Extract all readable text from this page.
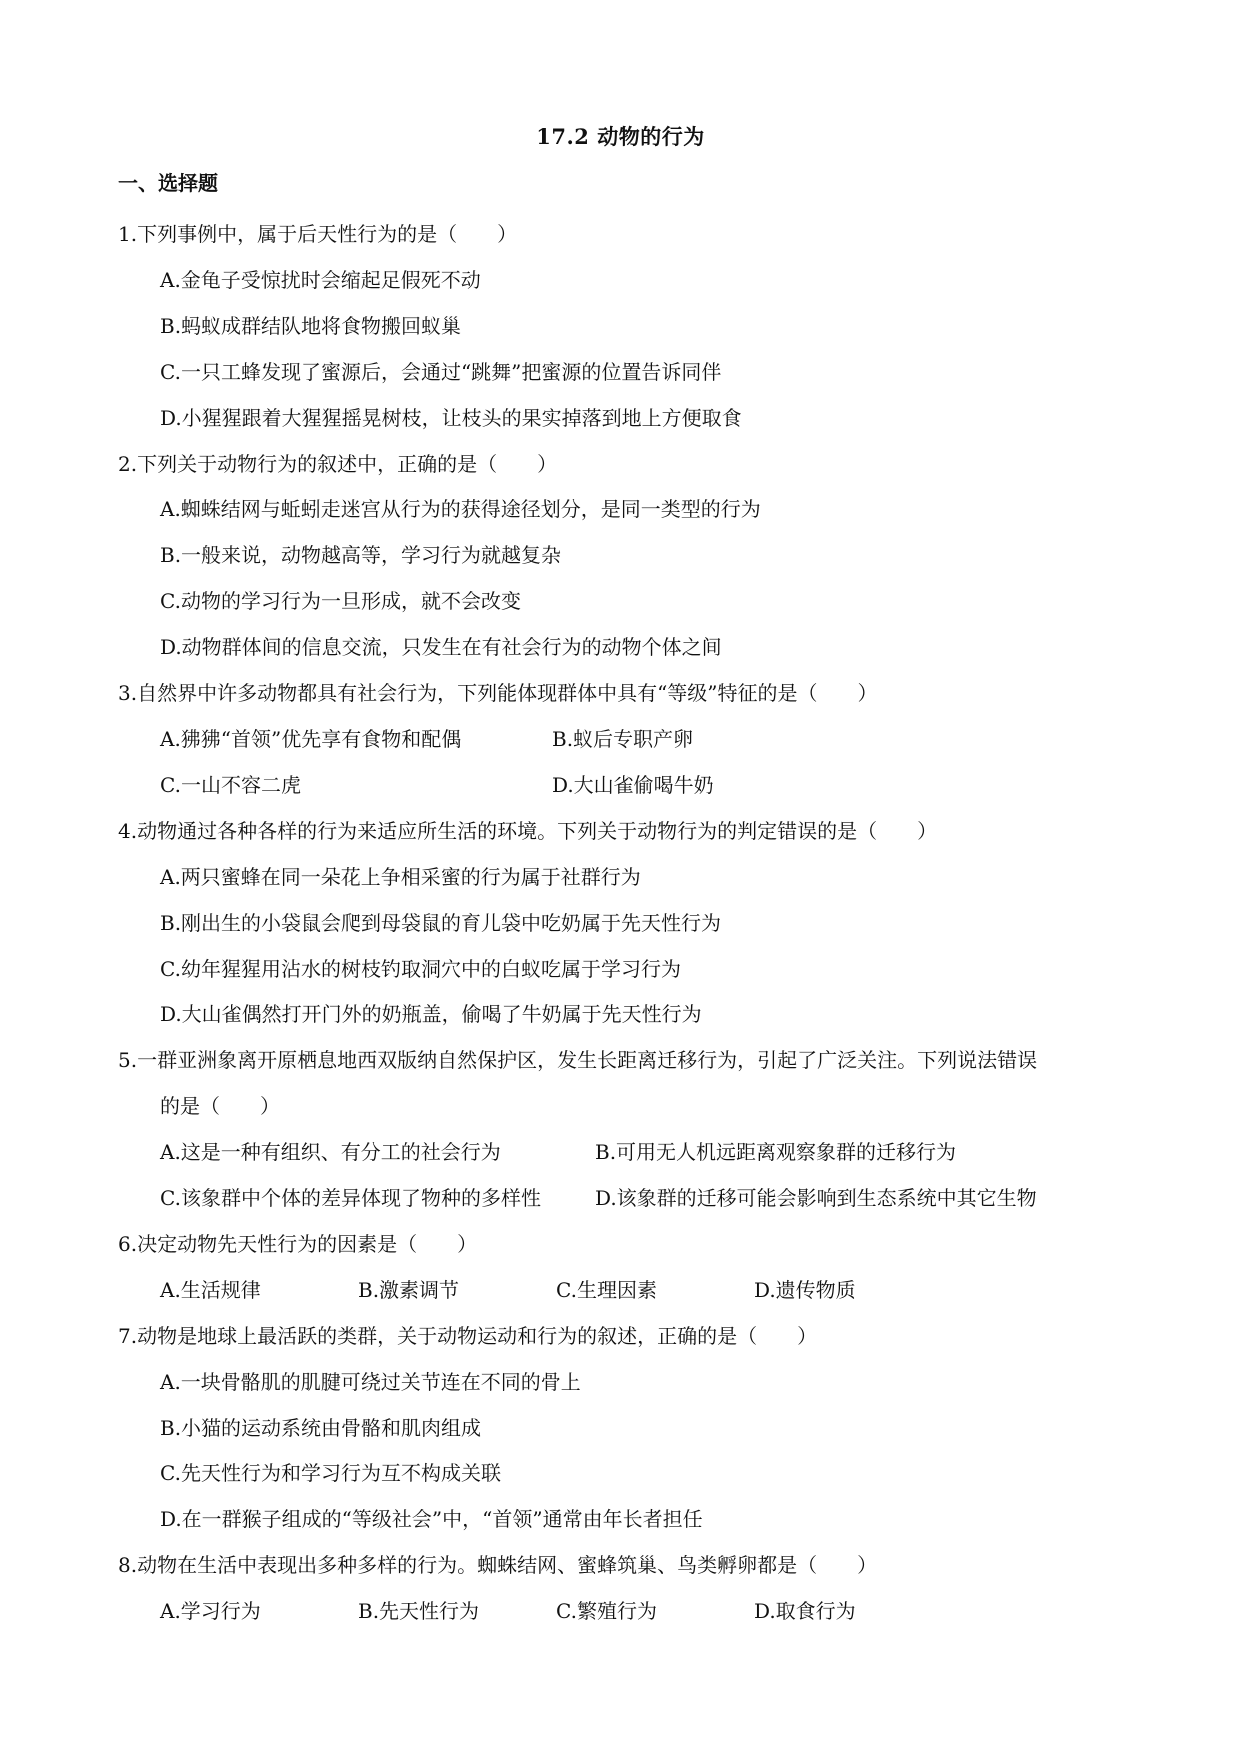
17.2 动物的行为
一、选择题
1.下列事例中，属于后天性行为的是（　　）
A.金龟子受惊扰时会缩起足假死不动
B.蚂蚁成群结队地将食物搬回蚁巢
C.一只工蜂发现了蜜源后，会通过“跳舞”把蜜源的位置告诉同伴
D.小猩猩跟着大猩猩摇晃树枝，让枝头的果实掉落到地上方便取食
2.下列关于动物行为的叙述中，正确的是（　　）
A.蜘蛛结网与蚯蚓走迷宫从行为的获得途径划分，是同一类型的行为
B.一般来说，动物越高等，学习行为就越复杂
C.动物的学习行为一旦形成，就不会改变
D.动物群体间的信息交流，只发生在有社会行为的动物个体之间
3.自然界中许多动物都具有社会行为，下列能体现群体中具有“等级”特征的是（　　）
A.狒狒“首领”优先享有食物和配偶	B.蚁后专职产卵
C.一山不容二虎	D.大山雀偷喝牛奶
4.动物通过各种各样的行为来适应所生活的环境。下列关于动物行为的判定错误的是（　　）
A.两只蜜蜂在同一朵花上争相采蜜的行为属于社群行为
B.刚出生的小袋鼠会爬到母袋鼠的育儿袋中吃奶属于先天性行为
C.幼年猩猩用沾水的树枝钓取洞穴中的白蚁吃属于学习行为
D.大山雀偶然打开门外的奶瓶盖，偷喝了牛奶属于先天性行为
5.一群亚洲象离开原栖息地西双版纳自然保护区，发生长距离迁移行为，引起了广泛关注。下列说法错误
的是（　　）
A.这是一种有组织、有分工的社会行为	B.可用无人机远距离观察象群的迁移行为
C.该象群中个体的差异体现了物种的多样性	D.该象群的迁移可能会影响到生态系统中其它生物
6.决定动物先天性行为的因素是（　　）
A.生活规律	B.激素调节	C.生理因素	D.遗传物质
7.动物是地球上最活跃的类群，关于动物运动和行为的叙述，正确的是（　　）
A.一块骨骼肌的肌腱可绕过关节连在不同的骨上
B.小猫的运动系统由骨骼和肌肉组成
C.先天性行为和学习行为互不构成关联
D.在一群猴子组成的“等级社会”中，“首领”通常由年长者担任
8.动物在生活中表现出多种多样的行为。蜘蛛结网、蜜蜂筑巢、鸟类孵卵都是（　　）
A.学习行为	B.先天性行为	C.繁殖行为	D.取食行为
